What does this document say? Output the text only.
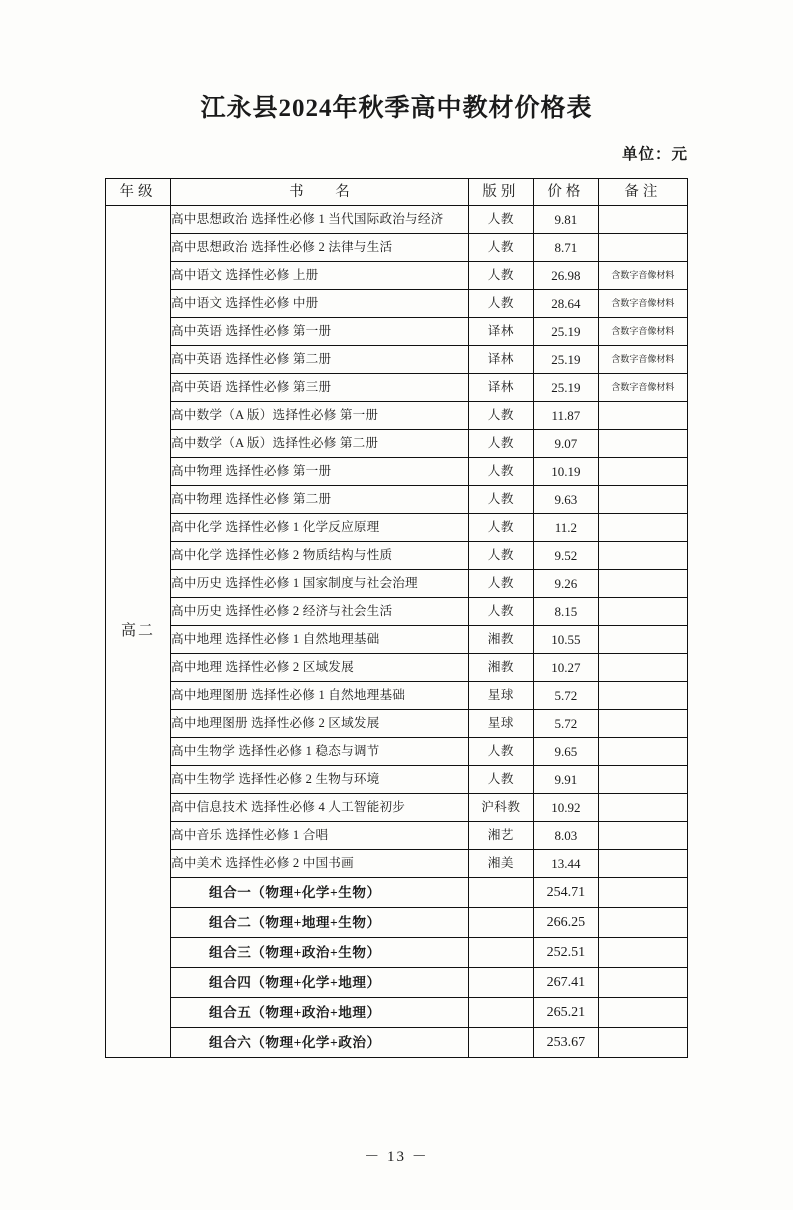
江永县2024年秋季高中教材价格表
单位：元
年级	书 名	版别	价格	备注
高二	高中思想政治 选择性必修 1 当代国际政治与经济	人教	9.81	
	高中思想政治 选择性必修 2 法律与生活	人教	8.71	
	高中语文 选择性必修 上册	人教	26.98	含数字音像材料
	高中语文 选择性必修 中册	人教	28.64	含数字音像材料
	高中英语 选择性必修 第一册	译林	25.19	含数字音像材料
	高中英语 选择性必修 第二册	译林	25.19	含数字音像材料
	高中英语 选择性必修 第三册	译林	25.19	含数字音像材料
	高中数学（A 版）选择性必修 第一册	人教	11.87	
	高中数学（A 版）选择性必修 第二册	人教	9.07	
	高中物理 选择性必修 第一册	人教	10.19	
	高中物理 选择性必修 第二册	人教	9.63	
	高中化学 选择性必修 1 化学反应原理	人教	11.2	
	高中化学 选择性必修 2 物质结构与性质	人教	9.52	
	高中历史 选择性必修 1 国家制度与社会治理	人教	9.26	
	高中历史 选择性必修 2 经济与社会生活	人教	8.15	
	高中地理 选择性必修 1 自然地理基础	湘教	10.55	
	高中地理 选择性必修 2 区域发展	湘教	10.27	
	高中地理图册 选择性必修 1 自然地理基础	星球	5.72	
	高中地理图册 选择性必修 2 区域发展	星球	5.72	
	高中生物学 选择性必修 1 稳态与调节	人教	9.65	
	高中生物学 选择性必修 2 生物与环境	人教	9.91	
	高中信息技术 选择性必修 4 人工智能初步	沪科教	10.92	
	高中音乐 选择性必修 1 合唱	湘艺	8.03	
	高中美术 选择性必修 2 中国书画	湘美	13.44	
	组合一（物理+化学+生物）		254.71	
	组合二（物理+地理+生物）		266.25	
	组合三（物理+政治+生物）		252.51	
	组合四（物理+化学+地理）		267.41	
	组合五（物理+政治+地理）		265.21	
	组合六（物理+化学+政治）		253.67	
－ 13 －
